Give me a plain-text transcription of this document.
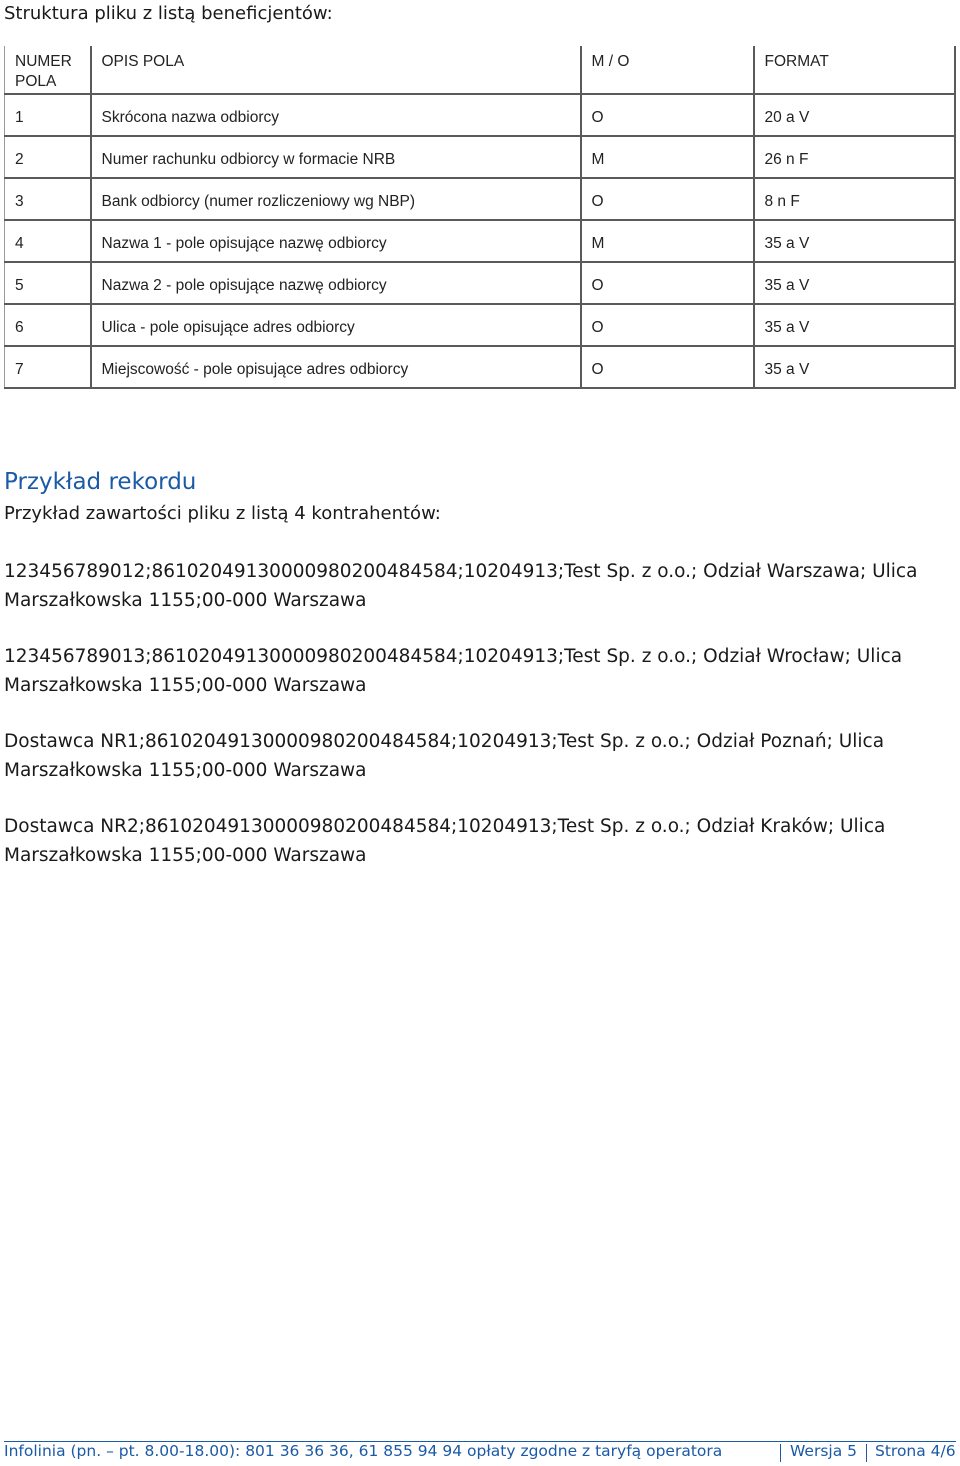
Struktura pliku z listą beneficjentów:
NUMER POLA	OPIS POLA	M / O	FORMAT
1	Skrócona nazwa odbiorcy	O	20 a V
2	Numer rachunku odbiorcy w formacie NRB	M	26 n F
3	Bank odbiorcy (numer rozliczeniowy wg NBP)	O	8 n F
4	Nazwa 1 - pole opisujące nazwę odbiorcy	M	35 a V
5	Nazwa 2 - pole opisujące nazwę odbiorcy	O	35 a V
6	Ulica - pole opisujące adres odbiorcy	O	35 a V
7	Miejscowość - pole opisujące adres odbiorcy	O	35 a V
Przykład rekordu
Przykład zawartości pliku z listą 4 kontrahentów:
123456789012;86102049130000980200484584;10204913;Test Sp. z o.o.; Odział Warszawa; Ulica
Marszałkowska 1155;00-000 Warszawa
123456789013;86102049130000980200484584;10204913;Test Sp. z o.o.; Odział Wrocław; Ulica
Marszałkowska 1155;00-000 Warszawa
Dostawca NR1;86102049130000980200484584;10204913;Test Sp. z o.o.; Odział Poznań; Ulica
Marszałkowska 1155;00-000 Warszawa
Dostawca NR2;86102049130000980200484584;10204913;Test Sp. z o.o.; Odział Kraków; Ulica
Marszałkowska 1155;00-000 Warszawa
Infolinia (pn. – pt. 8.00-18.00): 801 36 36 36, 61 855 94 94 opłaty zgodne z taryfą operatora	Wersja 5 Strona 4/6
